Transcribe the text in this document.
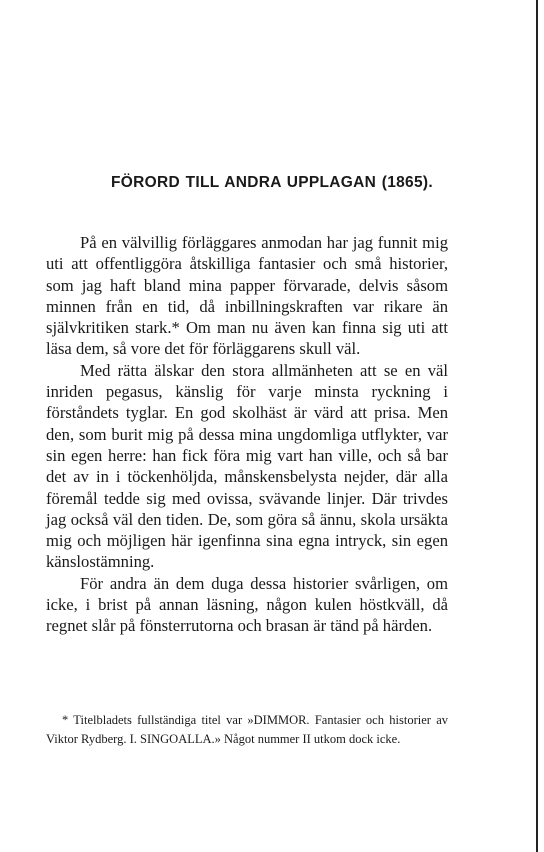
FÖRORD TILL ANDRA UPPLAGAN (1865).

På en välvillig förläggares anmodan har jag funnit mig uti att offentliggöra åtskilliga fantasier och små historier, som jag haft bland mina papper förvarade, delvis såsom minnen från en tid, då inbillningskraften var rikare än självkritiken stark.* Om man nu även kan finna sig uti att läsa dem, så vore det för förläggarens skull väl.

Med rätta älskar den stora allmänheten att se en väl inriden pegasus, känslig för varje minsta ryckning i förståndets tyglar. En god skolhäst är värd att prisa. Men den, som burit mig på dessa mina ungdomliga utflykter, var sin egen herre: han fick föra mig vart han ville, och så bar det av in i töckenhöljda, månskensbelysta nejder, där alla föremål tedde sig med ovissa, svävande linjer. Där trivdes jag också väl den tiden. De, som göra så ännu, skola ursäkta mig och möjligen här igenfinna sina egna intryck, sin egen känslostämning.

För andra än dem duga dessa historier svårligen, om icke, i brist på annan läsning, någon kulen höstkväll, då regnet slår på fönsterrutorna och brasan är tänd på härden.

* Titelbladets fullständiga titel var »DIMMOR. Fantasier och historier av Viktor Rydberg. I. SINGOALLA.» Något nummer II utkom dock icke.
